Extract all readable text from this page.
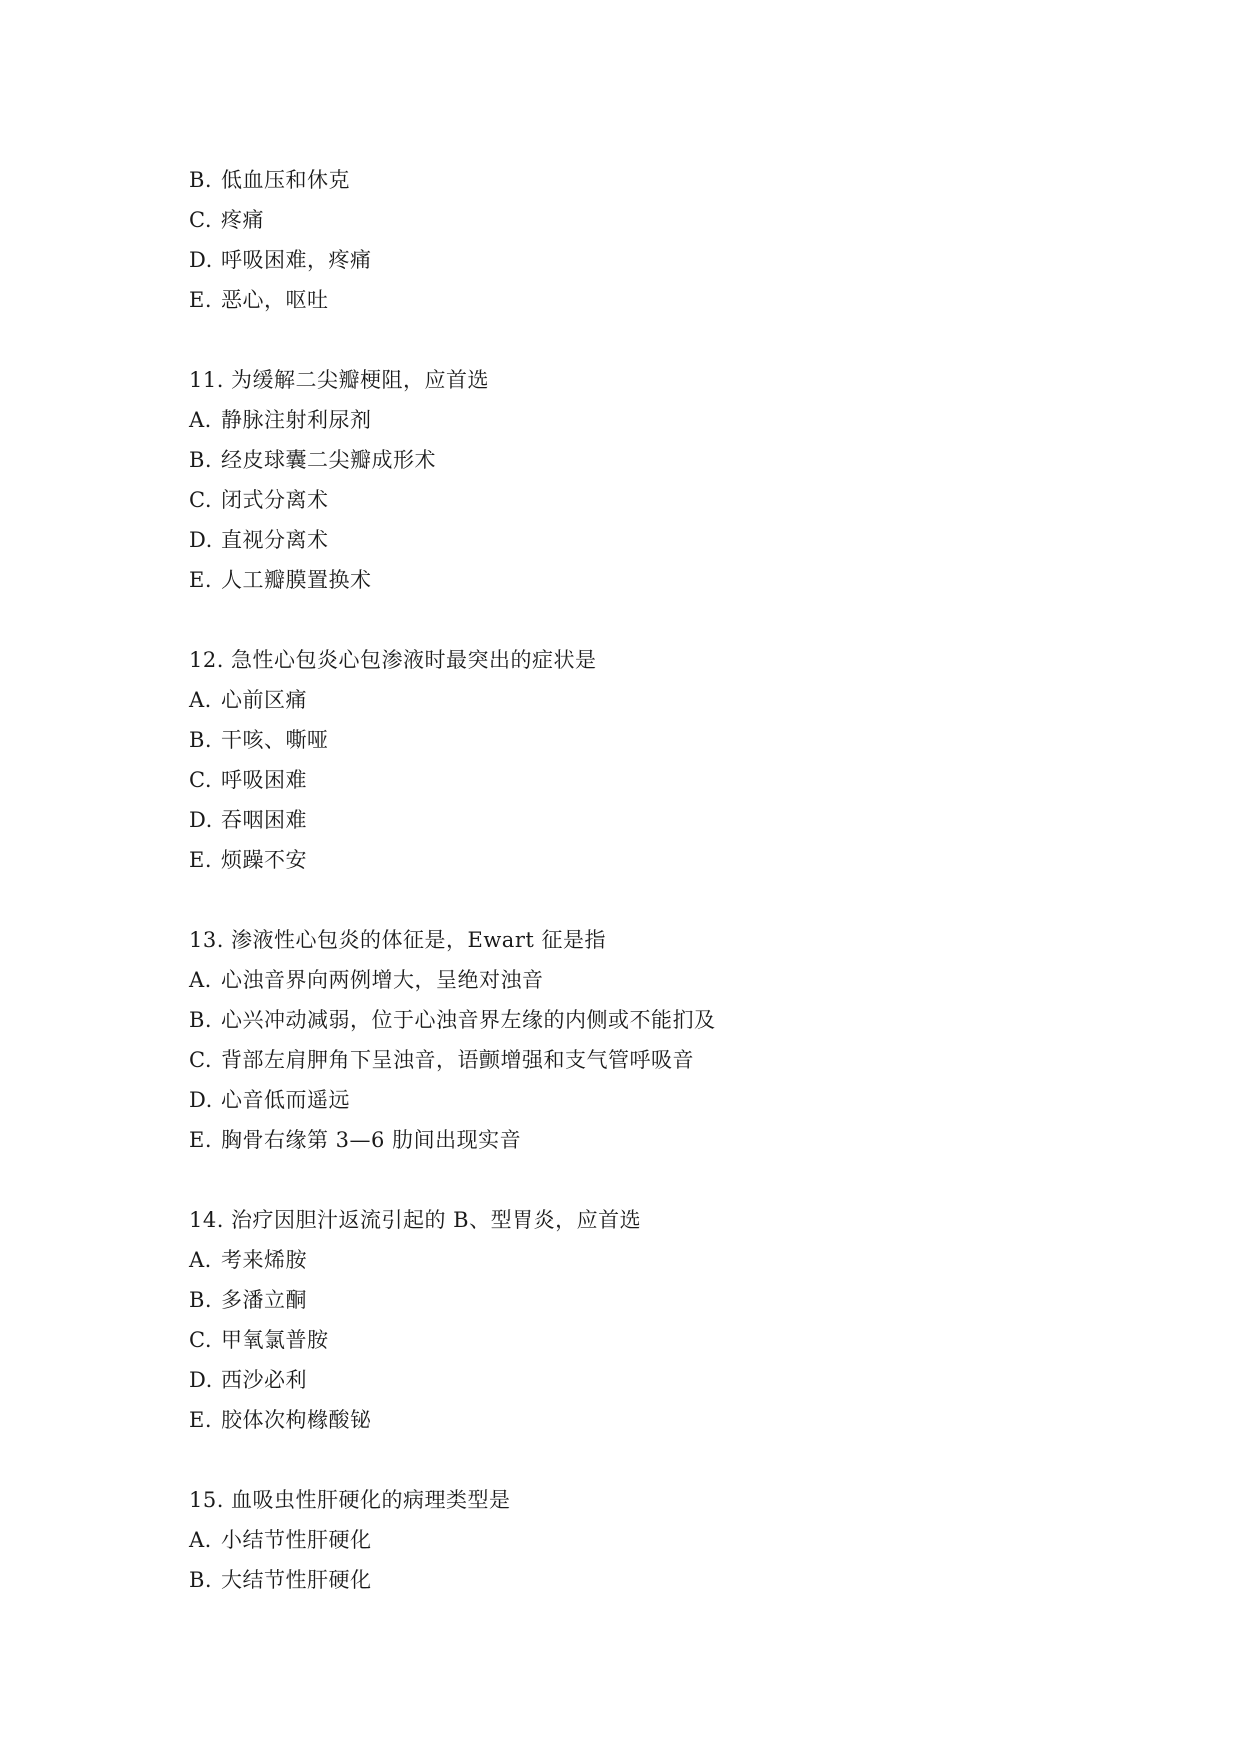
B. 低血压和休克
C. 疼痛
D. 呼吸困难，疼痛
E. 恶心，呕吐
11. 为缓解二尖瓣梗阻，应首选
A. 静脉注射利尿剂
B. 经皮球囊二尖瓣成形术
C. 闭式分离术
D. 直视分离术
E. 人工瓣膜置换术
12. 急性心包炎心包渗液时最突出的症状是
A. 心前区痛
B. 干咳、嘶哑
C. 呼吸困难
D. 吞咽困难
E. 烦躁不安
13. 渗液性心包炎的体征是，Ewart 征是指
A. 心浊音界向两例增大，呈绝对浊音
B. 心兴冲动减弱，位于心浊音界左缘的内侧或不能扪及
C. 背部左肩胛角下呈浊音，语颤增强和支气管呼吸音
D. 心音低而遥远
E. 胸骨右缘第 3—6 肋间出现实音
14. 治疗因胆汁返流引起的 B、型胃炎，应首选
A. 考来烯胺
B. 多潘立酮
C. 甲氧氯普胺
D. 西沙必利
E. 胶体次枸橼酸铋
15. 血吸虫性肝硬化的病理类型是
A. 小结节性肝硬化
B. 大结节性肝硬化
